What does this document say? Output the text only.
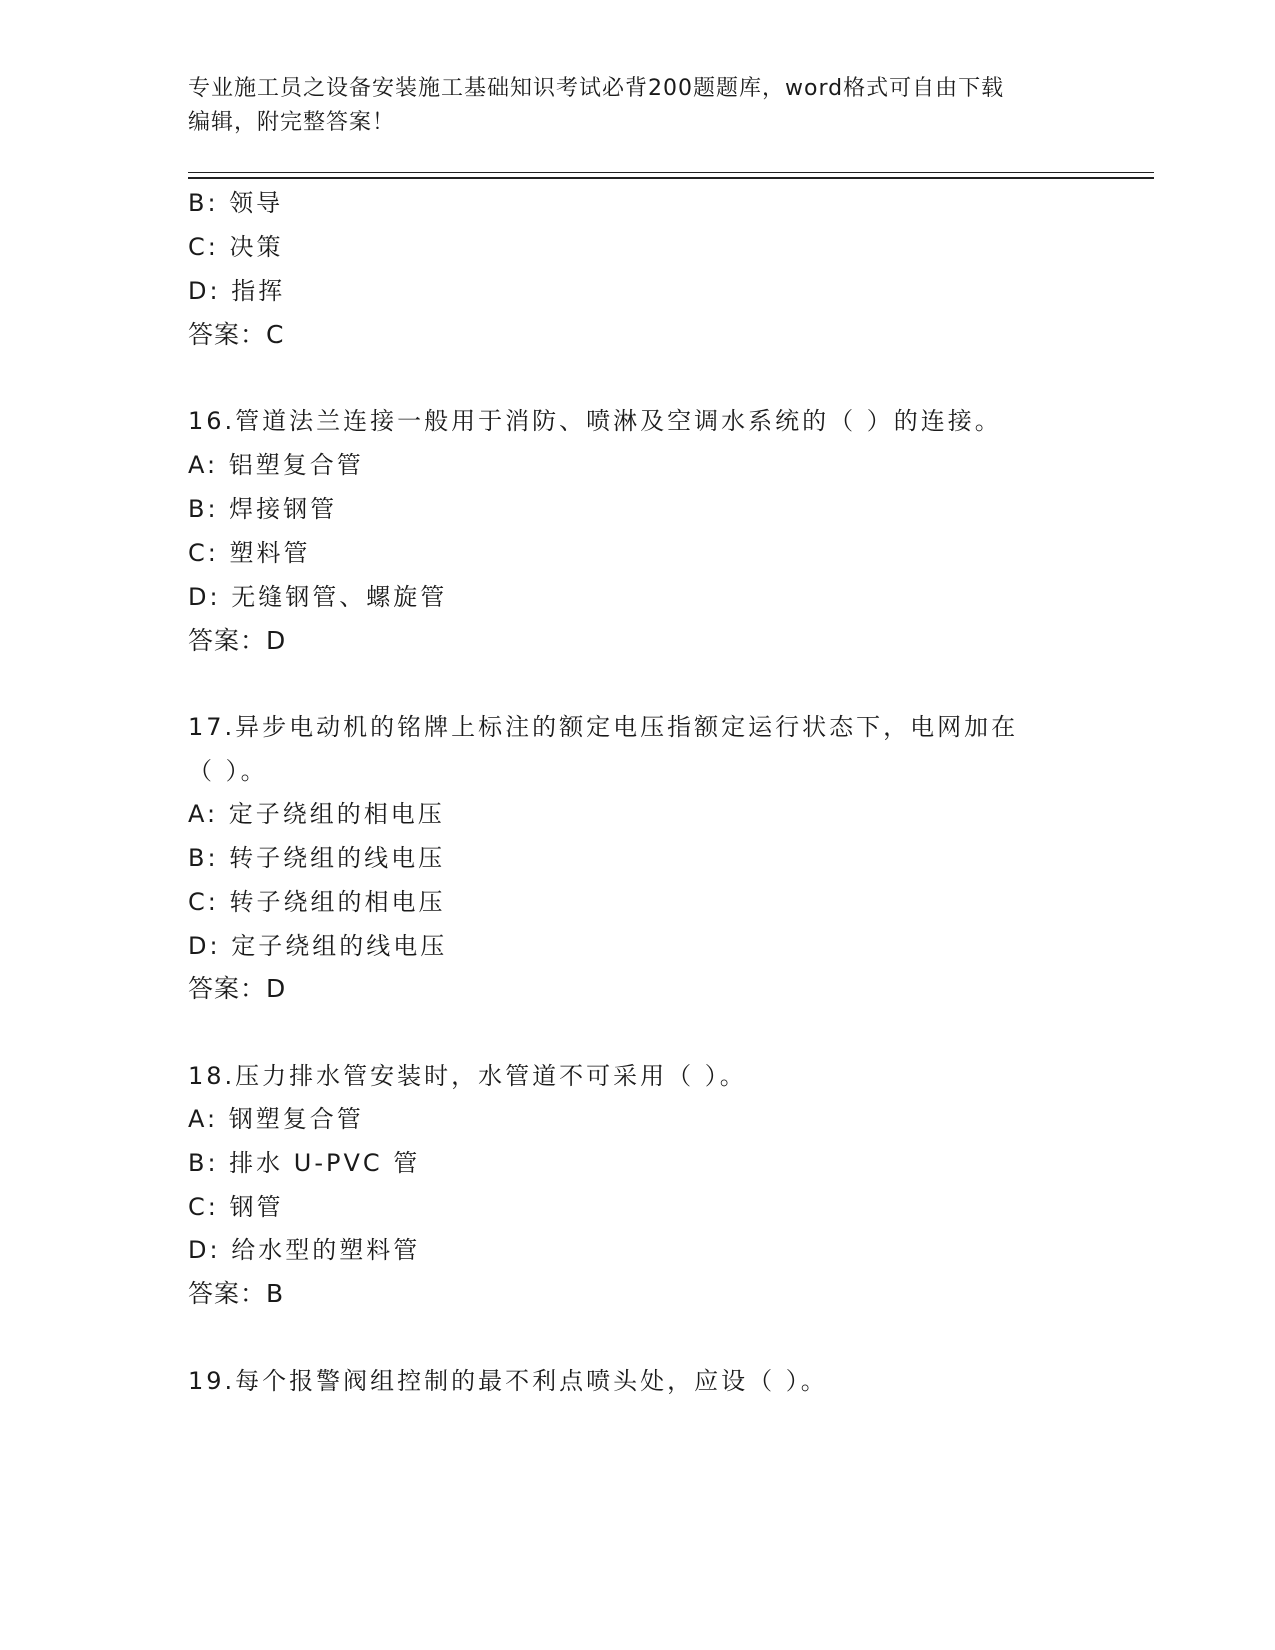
专业施工员之设备安装施工基础知识考试必背200题题库，word格式可自由下载
编辑，附完整答案！
B: 领导
C: 决策
D: 指挥
答案：C
16.管道法兰连接一般用于消防、喷淋及空调水系统的（ ）的连接。
A: 铝塑复合管
B: 焊接钢管
C: 塑料管
D: 无缝钢管、螺旋管
答案：D
17.异步电动机的铭牌上标注的额定电压指额定运行状态下，电网加在
（ ）。
A: 定子绕组的相电压
B: 转子绕组的线电压
C: 转子绕组的相电压
D: 定子绕组的线电压
答案：D
18.压力排水管安装时，水管道不可采用（ ）。
A: 钢塑复合管
B: 排水 U-PVC 管
C: 钢管
D: 给水型的塑料管
答案：B
19.每个报警阀组控制的最不利点喷头处，应设（ ）。
